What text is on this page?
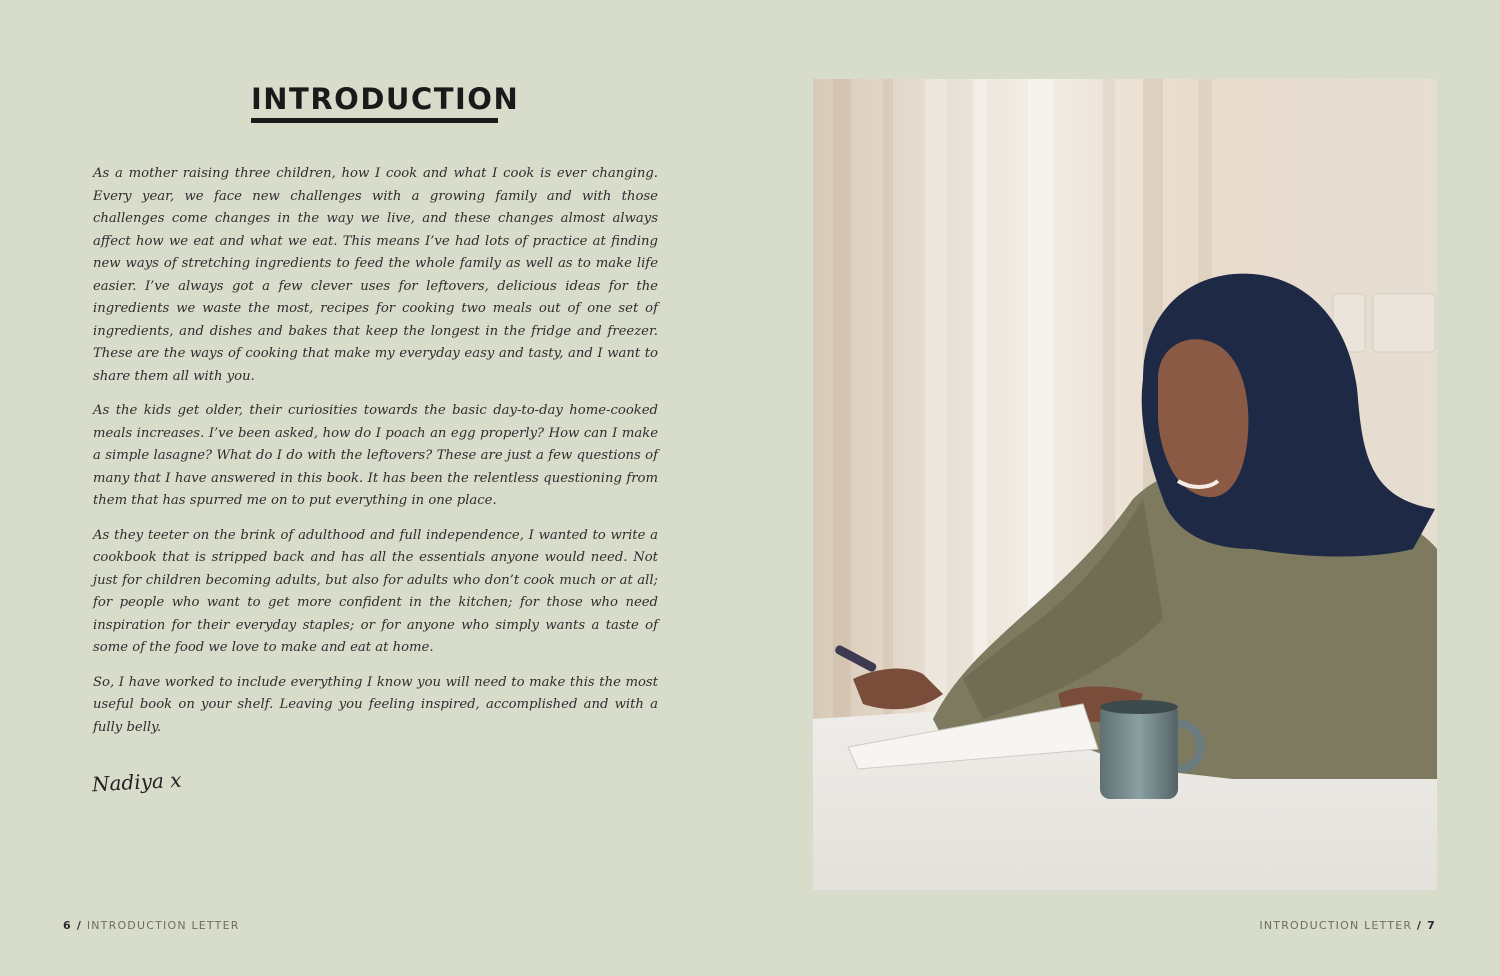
INTRODUCTION

As a mother raising three children, how I cook and what I cook is ever changing. Every year, we face new challenges with a growing family and with those challenges come changes in the way we live, and these changes almost always affect how we eat and what we eat. This means I’ve had lots of practice at finding new ways of stretching ingredients to feed the whole family as well as to make life easier. I’ve always got a few clever uses for leftovers, delicious ideas for the ingredients we waste the most, recipes for cooking two meals out of one set of ingredients, and dishes and bakes that keep the longest in the fridge and freezer. These are the ways of cooking that make my everyday easy and tasty, and I want to share them all with you.

As the kids get older, their curiosities towards the basic day-to-day home-cooked meals increases. I’ve been asked, how do I poach an egg properly? How can I make a simple lasagne? What do I do with the leftovers? These are just a few questions of many that I have answered in this book. It has been the relentless questioning from them that has spurred me on to put everything in one place.

As they teeter on the brink of adulthood and full independence, I wanted to write a cookbook that is stripped back and has all the essentials anyone would need. Not just for children becoming adults, but also for adults who don’t cook much or at all; for people who want to get more confident in the kitchen; for those who need inspiration for their everyday staples; or for anyone who simply wants a taste of some of the food we love to make and eat at home.

So, I have worked to include everything I know you will need to make this the most useful book on your shelf. Leaving you feeling inspired, accomplished and with a fully belly.

Nadiya x
6 / INTRODUCTION LETTER	INTRODUCTION LETTER / 7
